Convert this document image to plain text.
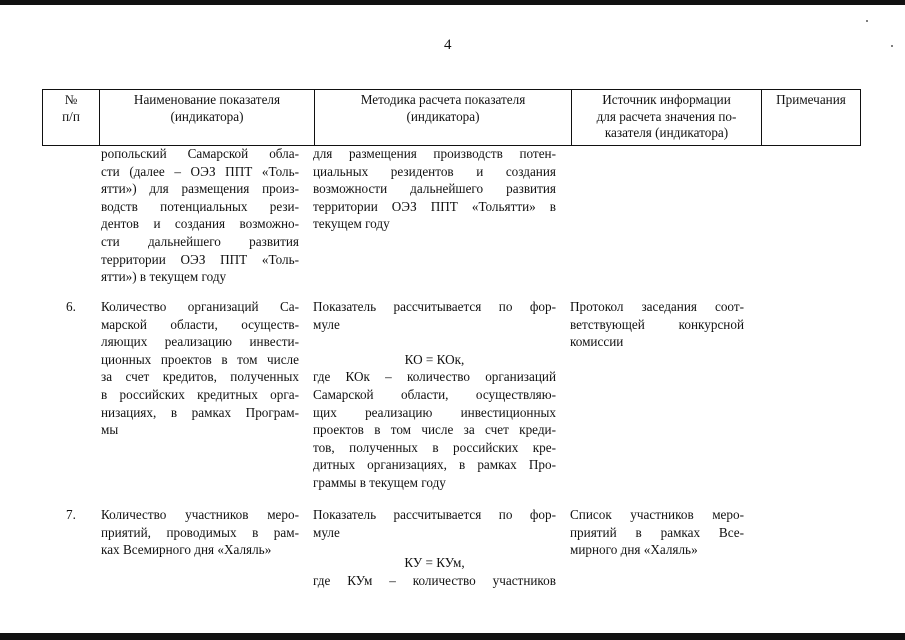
4
№
п/п
Наименование показателя
(индикатора)
Методика расчета показателя
(индикатора)
Источник информации
для расчета значения по-
казателя (индикатора)
Примечания
ропольский Самарской обла-
сти (далее – ОЭЗ ППТ «Толь-
ятти») для размещения произ-
водств потенциальных рези-
дентов и создания возможно-
сти дальнейшего развития
территории ОЭЗ ППТ «Толь-
ятти») в текущем году
для размещения производств потен-
циальных резидентов и создания
возможности дальнейшего развития
территории ОЭЗ ППТ «Тольятти» в
текущем году
6. Количество организаций Са-
марской области, осуществ-
ляющих реализацию инвести-
ционных проектов в том числе
за счет кредитов, полученных
в российских кредитных орга-
низациях, в рамках Програм-
мы
Показатель рассчитывается по фор-
муле

КО = КОк,
где КОк – количество организаций
Самарской области, осуществляю-
щих реализацию инвестиционных
проектов в том числе за счет креди-
тов, полученных в российских кре-
дитных организациях, в рамках Про-
граммы в текущем году
Протокол заседания соот-
ветствующей конкурсной
комиссии
7. Количество участников меро-
приятий, проводимых в рам-
ках Всемирного дня «Халяль»
Показатель рассчитывается по фор-
муле

КУ = КУм,
где КУм – количество участников
Список участников меро-
приятий в рамках Все-
мирного дня «Халяль»
